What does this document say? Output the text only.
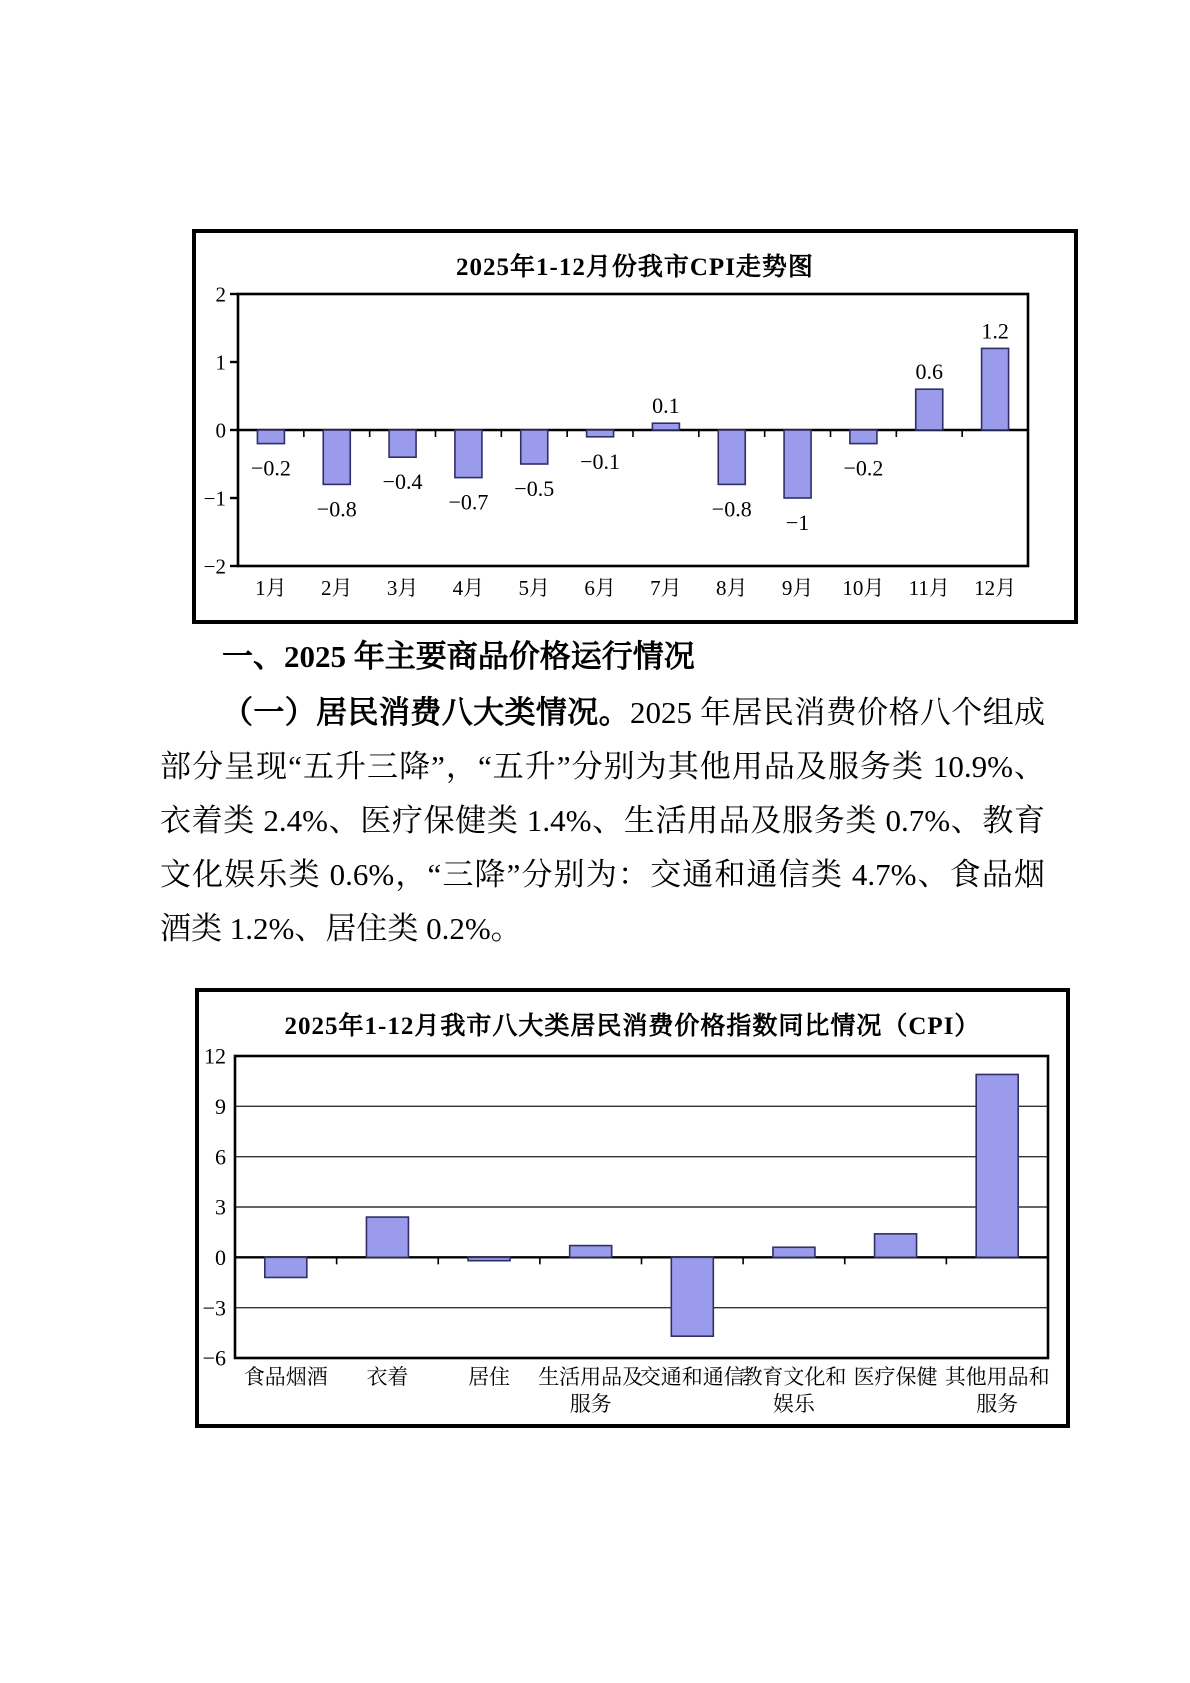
2025年1-12月份我市CPI走势图
2
1
0
−1
−2
−0.2
−0.8
−0.4
−0.7
−0.5
−0.1
0.1
−0.8
−1
−0.2
0.6
1.2
1月 2月 3月 4月 5月 6月 7月 8月 9月 10月 11月 12月
一、2025 年主要商品价格运行情况

（一）居民消费八大类情况。2025 年居民消费价格八个组成部分呈现“五升三降”，“五升”分别为其他用品及服务类 10.9%、衣着类 2.4%、医疗保健类 1.4%、生活用品及服务类 0.7%、教育文化娱乐类 0.6%，“三降”分别为：交通和通信类 4.7%、食品烟酒类 1.2%、居住类 0.2%。

2025年1-12月我市八大类居民消费价格指数同比情况（CPI）
12
9
6
3
0
−3
−6
食品烟酒 衣着	居住 生活用品及
服务
交通和通信
教育文化和
娱乐
医疗保健 其他用品和
服务
